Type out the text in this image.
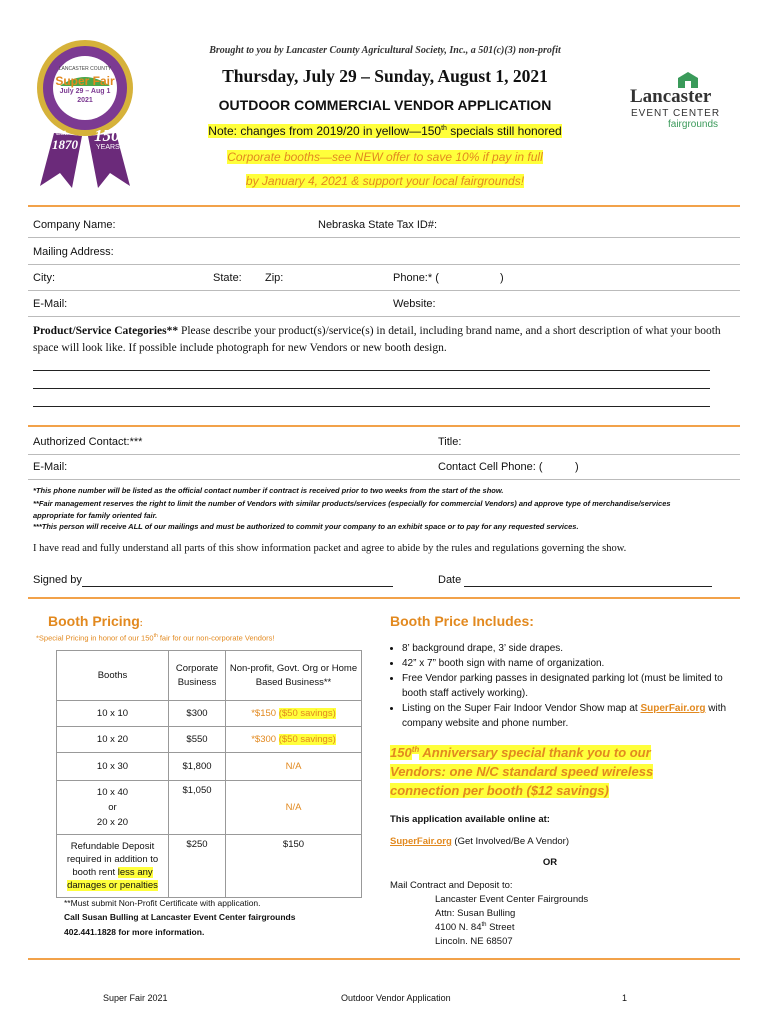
LANCASTER COUNTY
Super Fair
July 29 – Aug 1
2021
Est.
1870 150
YEARS
Lancaster
EVENT CENTER
fairgrounds
Brought to you by Lancaster County Agricultural Society, Inc., a 501(c)(3) non-profit
Thursday, July 29 – Sunday, August 1, 2021
OUTDOOR COMMERCIAL VENDOR APPLICATION
Note: changes from 2019/20 in yellow—150th specials still honored
Corporate booths—see NEW offer to save 10% if pay in full
by January 4, 2021 & support your local fairgrounds!
Company Name:	Nebraska State Tax ID#:
Mailing Address:
City:	State: Zip:	Phone:* (	)
E-Mail:	Website:
Product/Service Categories** Please describe your product(s)/service(s) in detail, including brand name, and a short description of what your booth space will look like. If possible include photograph for new Vendors or new booth design.
Authorized Contact:***	Title:
E-Mail:	Contact Cell Phone: (	)
*This phone number will be listed as the official contact number if contract is received prior to two weeks from the start of the show.
**Fair management reserves the right to limit the number of Vendors with similar products/services (especially for commercial Vendors) and approve type of merchandise/services appropriate for family oriented fair.
***This person will receive ALL of our mailings and must be authorized to commit your company to an exhibit space or to pay for any requested services.
I have read and fully understand all parts of this show information packet and agree to abide by the rules and regulations governing the show.
Signed by	Date
Booth Pricing:
*Special Pricing in honor of our 150th fair for our non-corporate Vendors!
Booths	Corporate Business	Non-profit, Govt. Org or Home Based Business**
10 x 10	$300	*$150 ($50 savings)
10 x 20	$550	*$300 ($50 savings)
10 x 30	$1,800	N/A

10 x 40
or
20 x 20	$1,050	N/A
Refundable Deposit required in addition to booth rent less any damages or penalties	$250	$150
**Must submit Non-Profit Certificate with application.
Call Susan Bulling at Lancaster Event Center fairgrounds
402.441.1828 for more information.
Booth Price Includes:
• 8’ background drape, 3’ side drapes.
• 42” x 7” booth sign with name of organization.
• Free Vendor parking passes in designated parking lot (must be limited to booth staff actively working).
• Listing on the Super Fair Indoor Vendor Show map at SuperFair.org with company website and phone number.
150th Anniversary special thank you to our Vendors: one N/C standard speed wireless connection per booth ($12 savings)
This application available online at:
SuperFair.org (Get Involved/Be A Vendor)
OR
Mail Contract and Deposit to:
Lancaster Event Center Fairgrounds
Attn: Susan Bulling
4100 N. 84th Street
Lincoln. NE 68507
Super Fair 2021	Outdoor Vendor Application	1
